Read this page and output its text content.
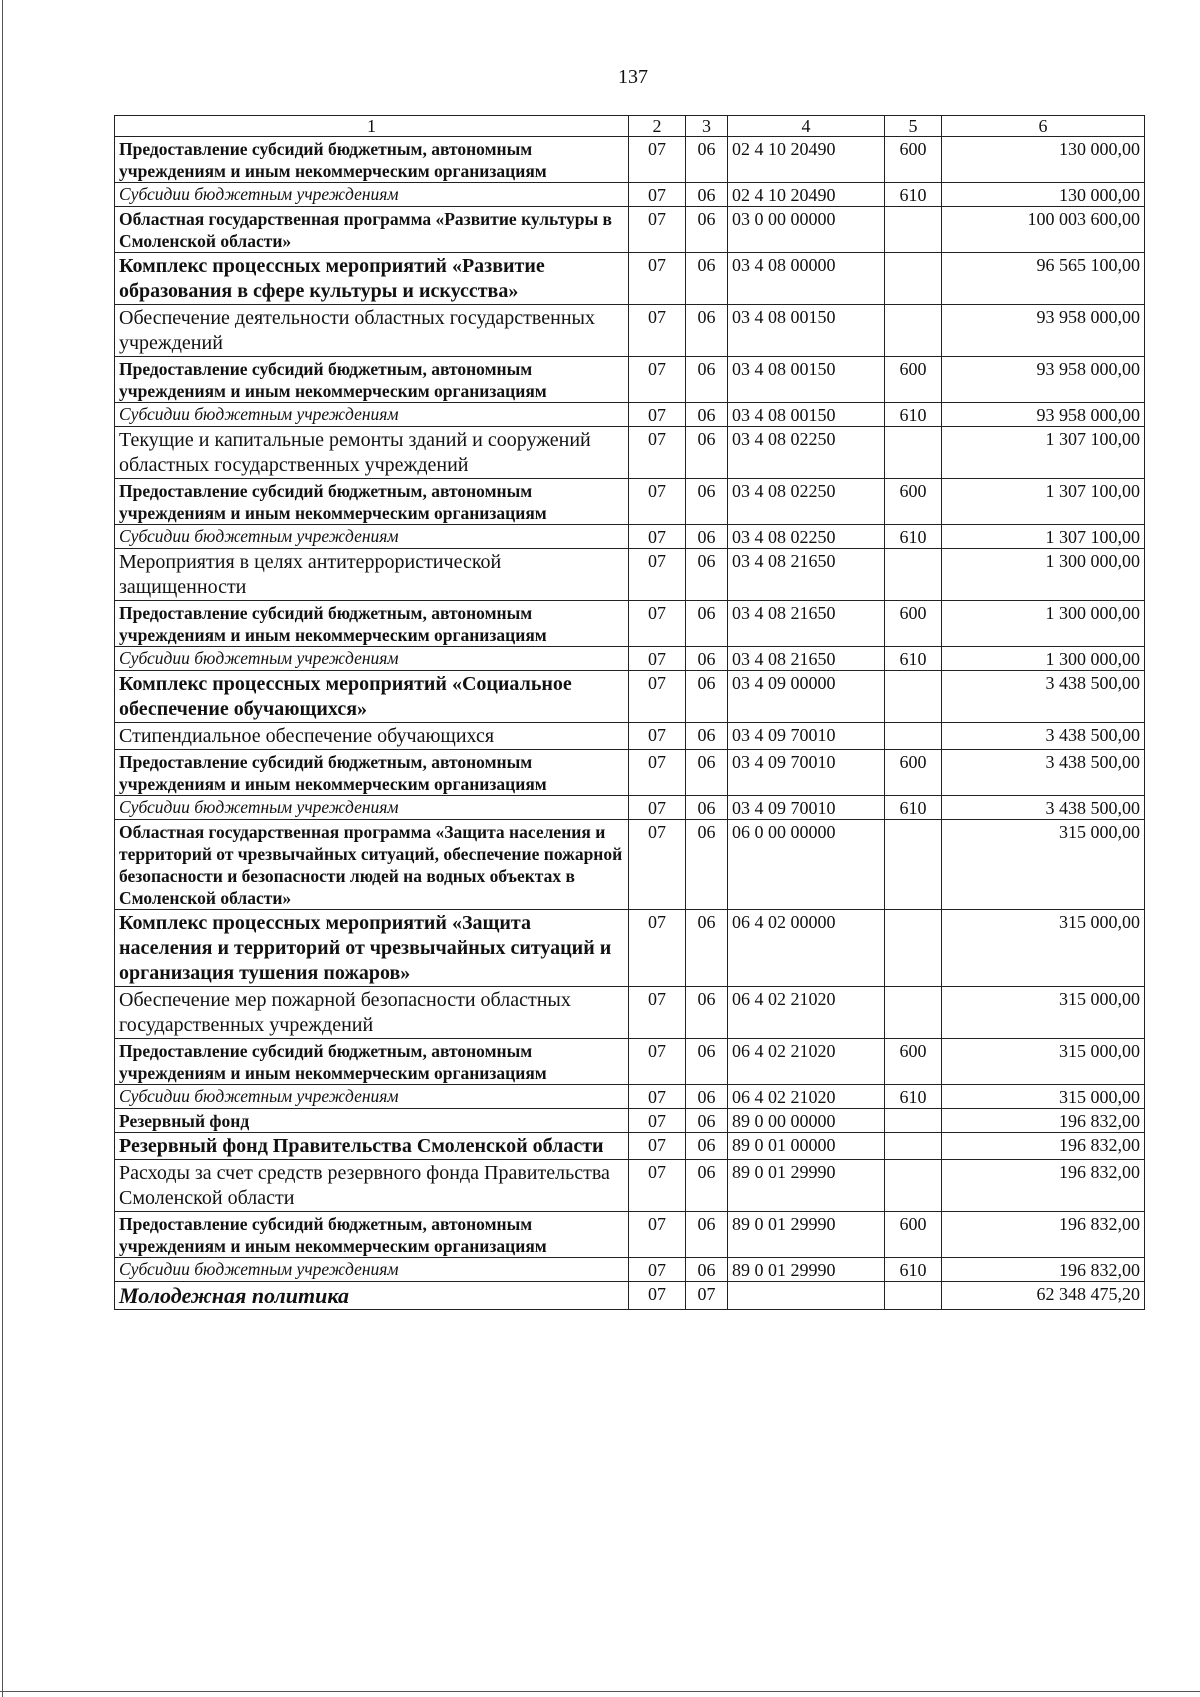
137
1	2	3	4	5	6
Предоставление субсидий бюджетным, автономным учреждениям и иным некоммерческим организациям	07	06	02 4 10 20490	600	130 000,00
Субсидии бюджетным учреждениям	07	06	02 4 10 20490	610	130 000,00
Областная государственная программа «Развитие культуры в Смоленской области»	07	06	03 0 00 00000		100 003 600,00
Комплекс процессных мероприятий «Развитие образования в сфере культуры и искусства»	07	06	03 4 08 00000		96 565 100,00
Обеспечение деятельности областных государственных учреждений	07	06	03 4 08 00150		93 958 000,00
Предоставление субсидий бюджетным, автономным учреждениям и иным некоммерческим организациям	07	06	03 4 08 00150	600	93 958 000,00
Субсидии бюджетным учреждениям	07	06	03 4 08 00150	610	93 958 000,00
Текущие и капитальные ремонты зданий и сооружений областных государственных учреждений	07	06	03 4 08 02250		1 307 100,00
Предоставление субсидий бюджетным, автономным учреждениям и иным некоммерческим организациям	07	06	03 4 08 02250	600	1 307 100,00
Субсидии бюджетным учреждениям	07	06	03 4 08 02250	610	1 307 100,00
Мероприятия в целях антитеррористической защищенности	07	06	03 4 08 21650		1 300 000,00
Предоставление субсидий бюджетным, автономным учреждениям и иным некоммерческим организациям	07	06	03 4 08 21650	600	1 300 000,00
Субсидии бюджетным учреждениям	07	06	03 4 08 21650	610	1 300 000,00
Комплекс процессных мероприятий «Социальное обеспечение обучающихся»	07	06	03 4 09 00000		3 438 500,00
Стипендиальное обеспечение обучающихся	07	06	03 4 09 70010		3 438 500,00
Предоставление субсидий бюджетным, автономным учреждениям и иным некоммерческим организациям	07	06	03 4 09 70010	600	3 438 500,00
Субсидии бюджетным учреждениям	07	06	03 4 09 70010	610	3 438 500,00
Областная государственная программа «Защита населения и территорий от чрезвычайных ситуаций, обеспечение пожарной безопасности и безопасности людей на водных объектах в Смоленской области»	07	06	06 0 00 00000		315 000,00
Комплекс процессных мероприятий «Защита населения и территорий от чрезвычайных ситуаций и организация тушения пожаров»	07	06	06 4 02 00000		315 000,00
Обеспечение мер пожарной безопасности областных государственных учреждений	07	06	06 4 02 21020		315 000,00
Предоставление субсидий бюджетным, автономным учреждениям и иным некоммерческим организациям	07	06	06 4 02 21020	600	315 000,00
Субсидии бюджетным учреждениям	07	06	06 4 02 21020	610	315 000,00
Резервный фонд	07	06	89 0 00 00000		196 832,00
Резервный фонд Правительства Смоленской области	07	06	89 0 01 00000		196 832,00
Расходы за счет средств резервного фонда Правительства Смоленской области	07	06	89 0 01 29990		196 832,00
Предоставление субсидий бюджетным, автономным учреждениям и иным некоммерческим организациям	07	06	89 0 01 29990	600	196 832,00
Субсидии бюджетным учреждениям	07	06	89 0 01 29990	610	196 832,00
Молодежная политика	07	07			62 348 475,20
